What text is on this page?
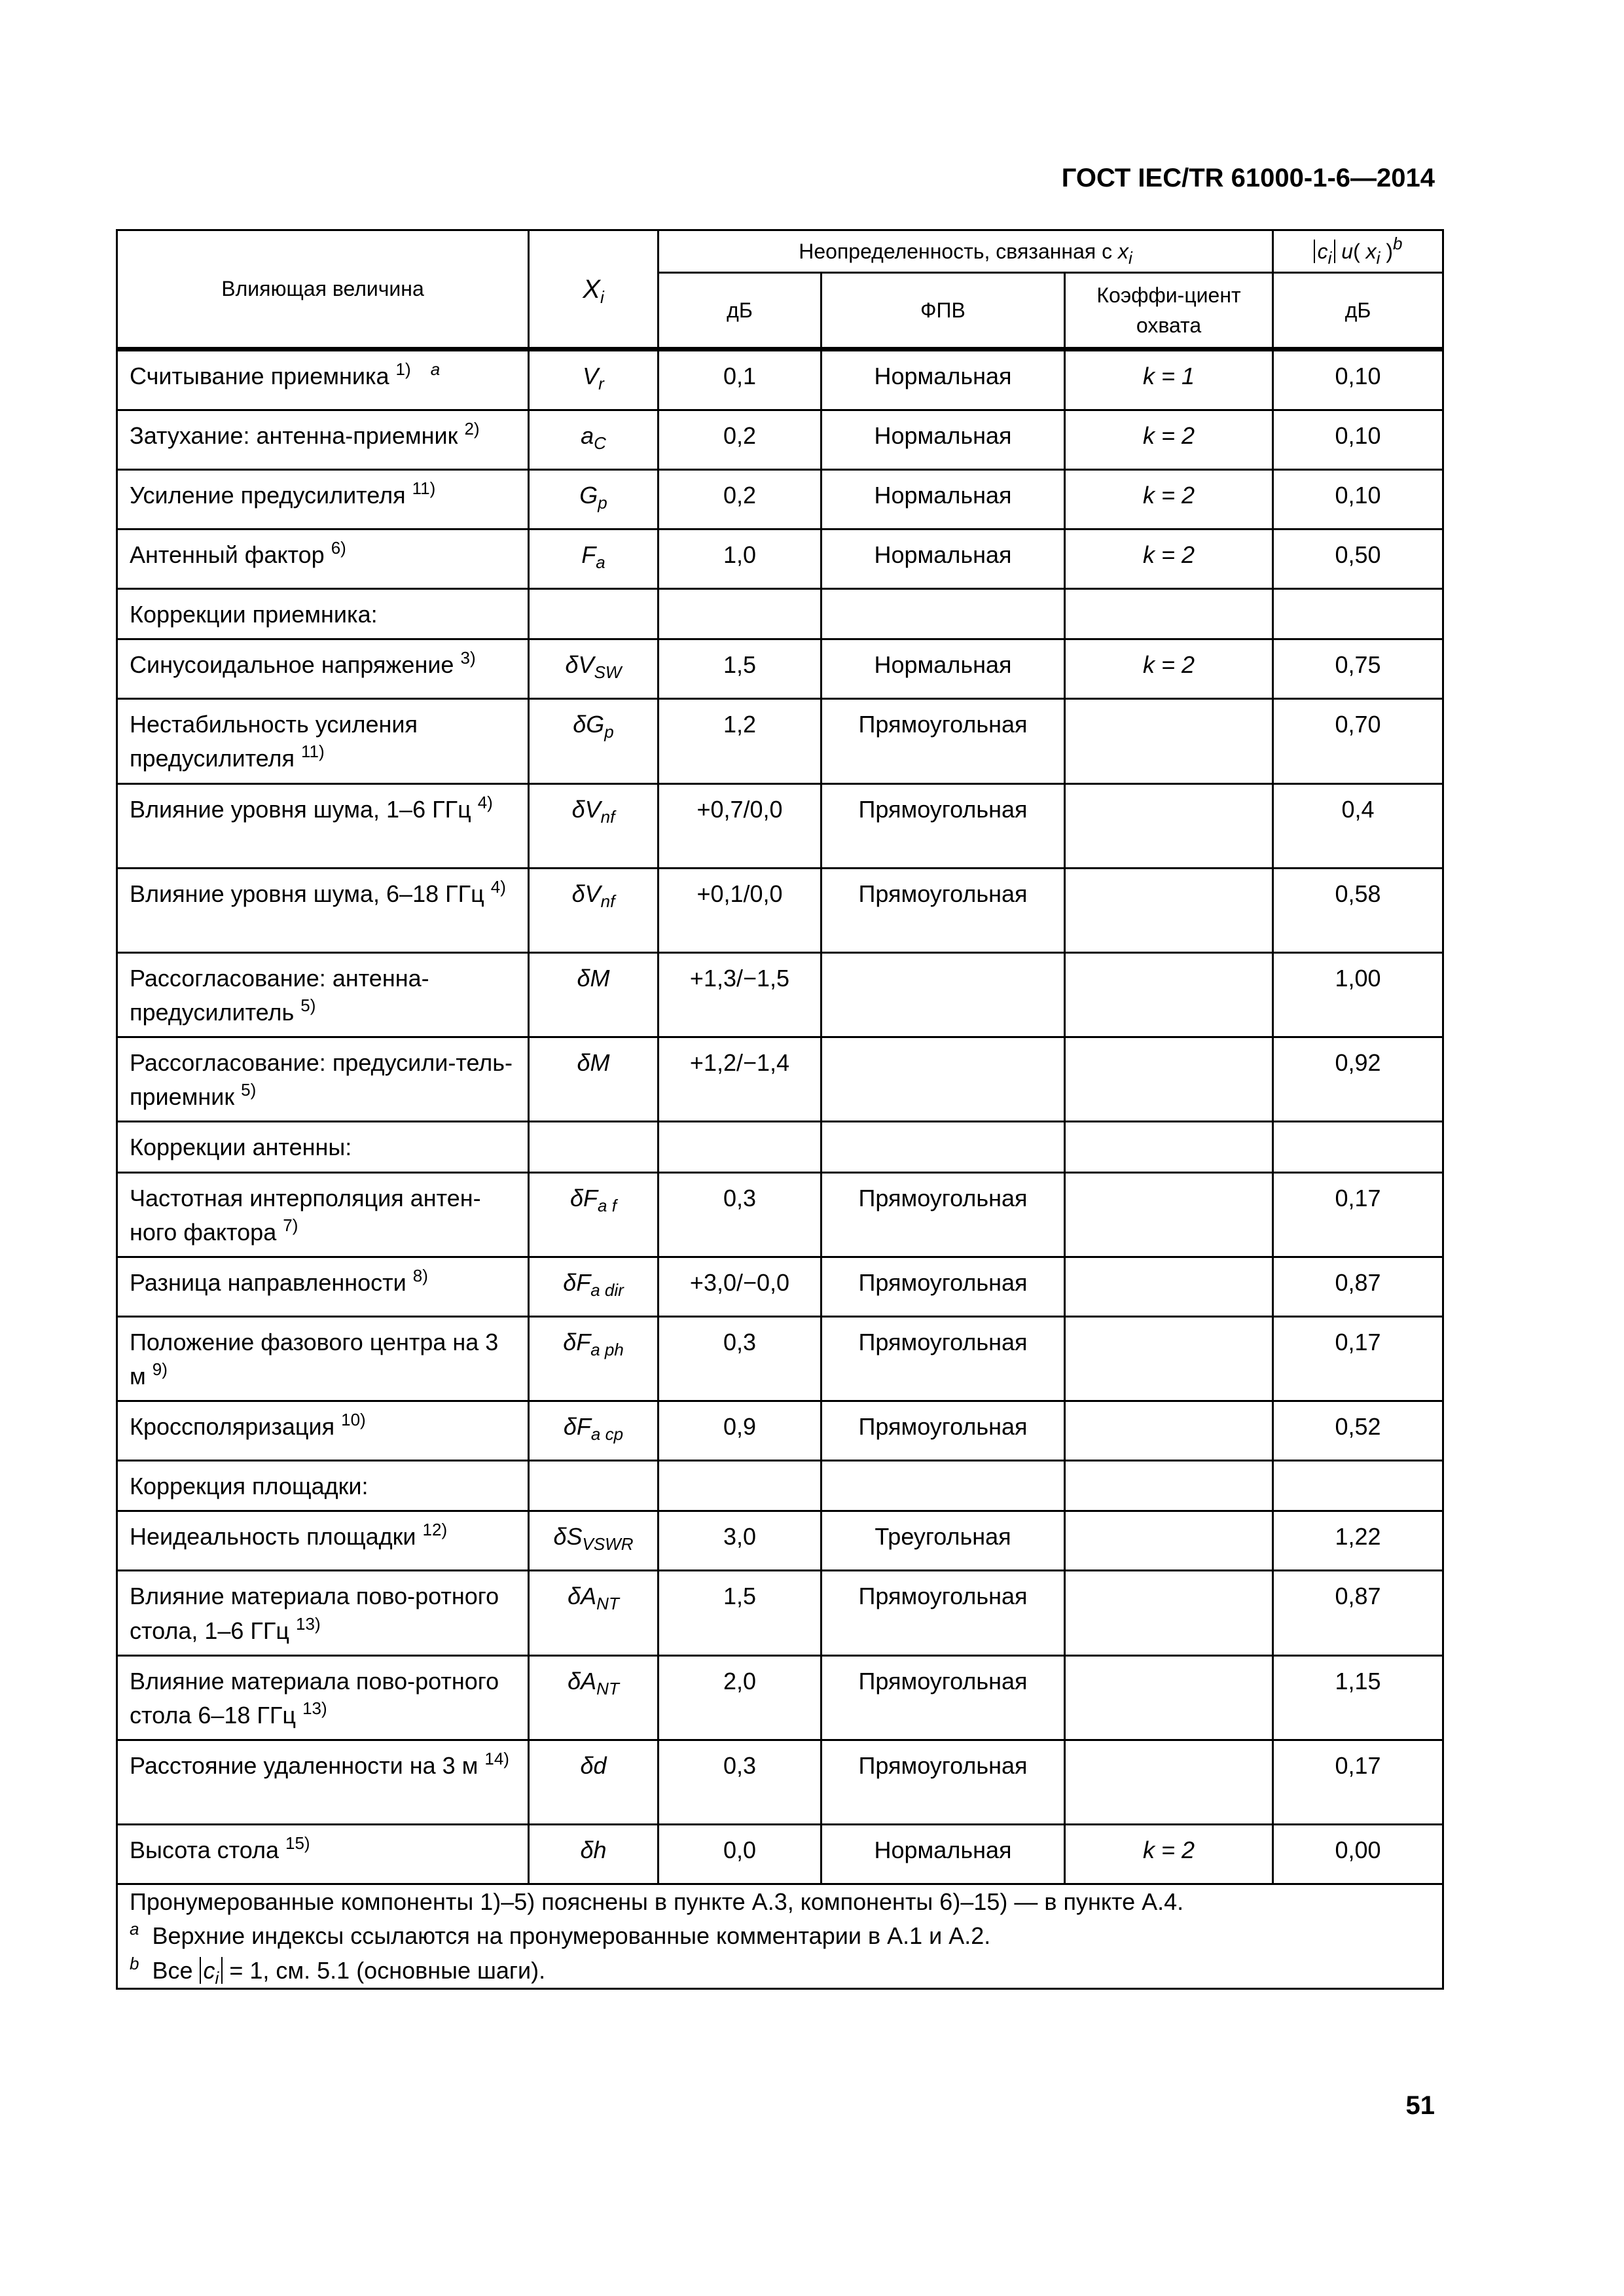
ГОСТ IEC/TR 61000-1-6—2014
Влияющая величина	$X_i$	Неопределенность, связанная с $x_i$			$c_i$ u( $x_i$ )$^b$
		дБ	ФПВ	Коэффи-циент охвата	дБ
Считывание приемника $^{1)}$ $^a$	$V_r$	0,1	Нормальная	k = 1	0,10
Затухание: антенна-приемник $^{2)}$	$a_C$	0,2	Нормальная	k = 2	0,10
Усиление предусилителя $^{11)}$	$G_p$	0,2	Нормальная	k = 2	0,10
Антенный фактор $^{6)}$	$F_a$	1,0	Нормальная	k = 2	0,50
Коррекции приемника:					
Синусоидальное напряжение $^{3)}$	$\delta V_{SW}$	1,5	Нормальная	k = 2	0,75
Нестабильность усиления предусилителя $^{11)}$	$\delta G_p$	1,2	Прямоугольная		0,70
Влияние уровня шума, 1–6 ГГц $^{4)}$	$\delta V_{nf}$	+0,7/0,0	Прямоугольная		0,4
Влияние уровня шума, 6–18 ГГц $^{4)}$	$\delta V_{nf}$	+0,1/0,0	Прямоугольная		0,58
Рассогласование: антенна-предусилитель $^{5)}$	δM	+1,3/−1,5			1,00
Рассогласование: предусили-тель-приемник $^{5)}$	δM	+1,2/−1,4			0,92
Коррекции антенны:					
Частотная интерполяция антен-ного фактора $^{7)}$	$\delta F_{a f}$	0,3	Прямоугольная		0,17
Разница направленности $^{8)}$	$\delta F_{a dir}$	+3,0/−0,0	Прямоугольная		0,87
Положение фазового центра на 3 м $^{9)}$	$\delta F_{a ph}$	0,3	Прямоугольная		0,17
Кроссполяризация $^{10)}$	$\delta F_{a cp}$	0,9	Прямоугольная		0,52
Коррекция площадки:					
Неидеальность площадки $^{12)}$	$\delta S_{VSWR}$	3,0	Треугольная		1,22
Влияние материала пово-ротного стола, 1–6 ГГц $^{13)}$	$\delta A_{NT}$	1,5	Прямоугольная		0,87
Влияние материала пово-ротного стола 6–18 ГГц $^{13)}$	$\delta A_{NT}$	2,0	Прямоугольная		1,15
Расстояние удаленности на 3 м $^{14)}$	δd	0,3	Прямоугольная		0,17
Высота стола $^{15)}$	δh	0,0	Нормальная	k = 2	0,00

Пронумерованные компоненты 1)–5) пояснены в пункте А.3, компоненты 6)–15) — в пункте А.4.
$^a$ Верхние индексы ссылаются на пронумерованные комментарии в А.1 и А.2.
$^b$ Все $c_i = 1$, см. 5.1 (основные шаги).					
51
